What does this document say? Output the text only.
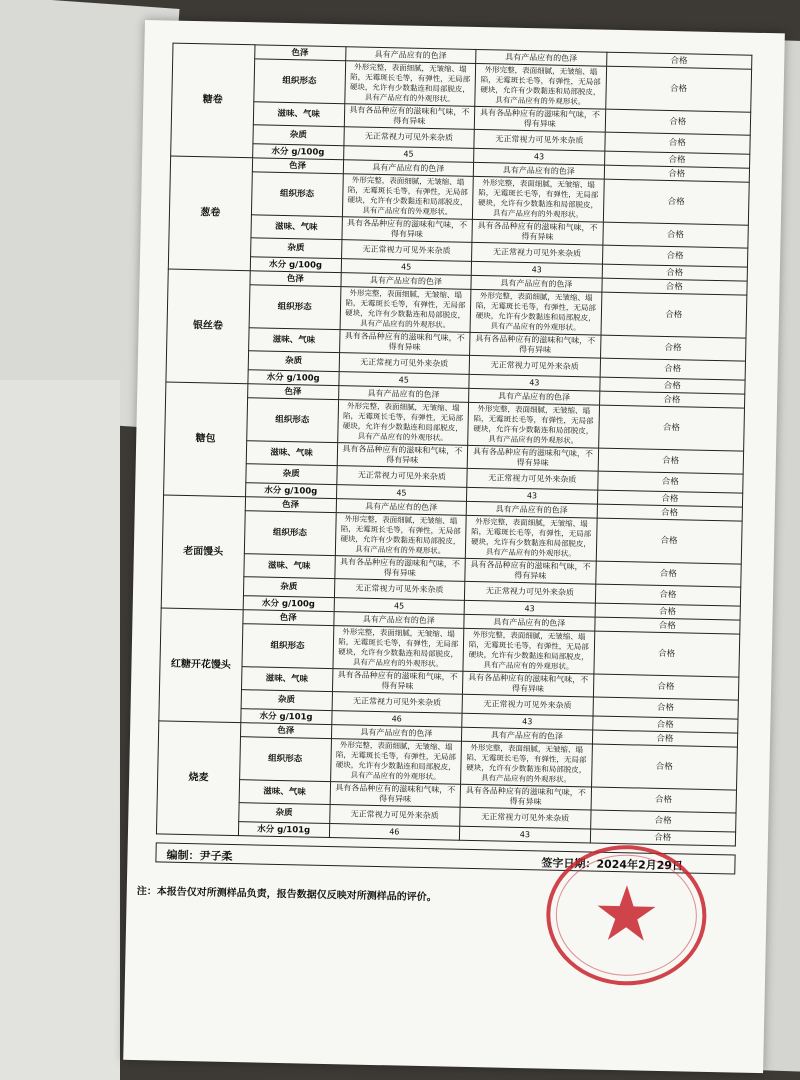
糖卷	色泽	具有产品应有的色泽	具有产品应有的色泽	合格
	组织形态	外形完整，表面细腻，无皱缩、塌陷，无霉斑长毛等，有弹性，无局部硬块，允许有少数黏连和局部脱皮，具有产品应有的外观形状。	外形完整，表面细腻，无皱缩、塌陷，无霉斑长毛等，有弹性，无局部硬块，允许有少数黏连和局部脱皮，具有产品应有的外观形状。	合格
	滋味、气味	具有各品种应有的滋味和气味，不得有异味	具有各品种应有的滋味和气味，不得有异味	合格
	杂质	无正常视力可见外来杂质	无正常视力可见外来杂质	合格
	水分 g/100g	45	43	合格
葱卷	色泽	具有产品应有的色泽	具有产品应有的色泽	合格
	组织形态	外形完整，表面细腻，无皱缩、塌陷，无霉斑长毛等，有弹性，无局部硬块，允许有少数黏连和局部脱皮，具有产品应有的外观形状。	外形完整，表面细腻，无皱缩、塌陷，无霉斑长毛等，有弹性，无局部硬块，允许有少数黏连和局部脱皮，具有产品应有的外观形状。	合格
	滋味、气味	具有各品种应有的滋味和气味，不得有异味	具有各品种应有的滋味和气味，不得有异味	合格
	杂质	无正常视力可见外来杂质	无正常视力可见外来杂质	合格
	水分 g/100g	45	43	合格
银丝卷	色泽	具有产品应有的色泽	具有产品应有的色泽	合格
	组织形态	外形完整，表面细腻，无皱缩、塌陷，无霉斑长毛等，有弹性，无局部硬块，允许有少数黏连和局部脱皮，具有产品应有的外观形状。	外形完整，表面细腻，无皱缩、塌陷，无霉斑长毛等，有弹性，无局部硬块，允许有少数黏连和局部脱皮，具有产品应有的外观形状。	合格
	滋味、气味	具有各品种应有的滋味和气味，不得有异味	具有各品种应有的滋味和气味，不得有异味	合格
	杂质	无正常视力可见外来杂质	无正常视力可见外来杂质	合格
	水分 g/100g	45	43	合格
糖包	色泽	具有产品应有的色泽	具有产品应有的色泽	合格
	组织形态	外形完整，表面细腻，无皱缩、塌陷，无霉斑长毛等，有弹性，无局部硬块，允许有少数黏连和局部脱皮，具有产品应有的外观形状。	外形完整，表面细腻，无皱缩、塌陷，无霉斑长毛等，有弹性，无局部硬块，允许有少数黏连和局部脱皮，具有产品应有的外观形状。	合格
	滋味、气味	具有各品种应有的滋味和气味，不得有异味	具有各品种应有的滋味和气味，不得有异味	合格
	杂质	无正常视力可见外来杂质	无正常视力可见外来杂质	合格
	水分 g/100g	45	43	合格
老面馒头	色泽	具有产品应有的色泽	具有产品应有的色泽	合格
	组织形态	外形完整，表面细腻，无皱缩、塌陷，无霉斑长毛等，有弹性，无局部硬块，允许有少数黏连和局部脱皮，具有产品应有的外观形状。	外形完整，表面细腻，无皱缩、塌陷，无霉斑长毛等，有弹性，无局部硬块，允许有少数黏连和局部脱皮，具有产品应有的外观形状。	合格
	滋味、气味	具有各品种应有的滋味和气味，不得有异味	具有各品种应有的滋味和气味，不得有异味	合格
	杂质	无正常视力可见外来杂质	无正常视力可见外来杂质	合格
	水分 g/100g	45	43	合格
红糖开花馒头	色泽	具有产品应有的色泽	具有产品应有的色泽	合格
	组织形态	外形完整，表面细腻，无皱缩、塌陷，无霉斑长毛等，有弹性，无局部硬块，允许有少数黏连和局部脱皮，具有产品应有的外观形状。	外形完整，表面细腻，无皱缩、塌陷，无霉斑长毛等，有弹性，无局部硬块，允许有少数黏连和局部脱皮，具有产品应有的外观形状。	合格
	滋味、气味	具有各品种应有的滋味和气味，不得有异味	具有各品种应有的滋味和气味，不得有异味	合格
	杂质	无正常视力可见外来杂质	无正常视力可见外来杂质	合格
	水分 g/101g	46	43	合格
烧麦	色泽	具有产品应有的色泽	具有产品应有的色泽	合格
	组织形态	外形完整，表面细腻，无皱缩、塌陷，无霉斑长毛等，有弹性，无局部硬块，允许有少数黏连和局部脱皮，具有产品应有的外观形状。	外形完整，表面细腻，无皱缩、塌陷，无霉斑长毛等，有弹性，无局部硬块，允许有少数黏连和局部脱皮，具有产品应有的外观形状。	合格
	滋味、气味	具有各品种应有的滋味和气味，不得有异味	具有各品种应有的滋味和气味，不得有异味	合格
	杂质	无正常视力可见外来杂质	无正常视力可见外来杂质	合格
	水分 g/101g	46	43	合格
编制：尹子柔
签字日期：2024年2月29日
注：本报告仅对所测样品负责，报告数据仅反映对所测样品的评价。
